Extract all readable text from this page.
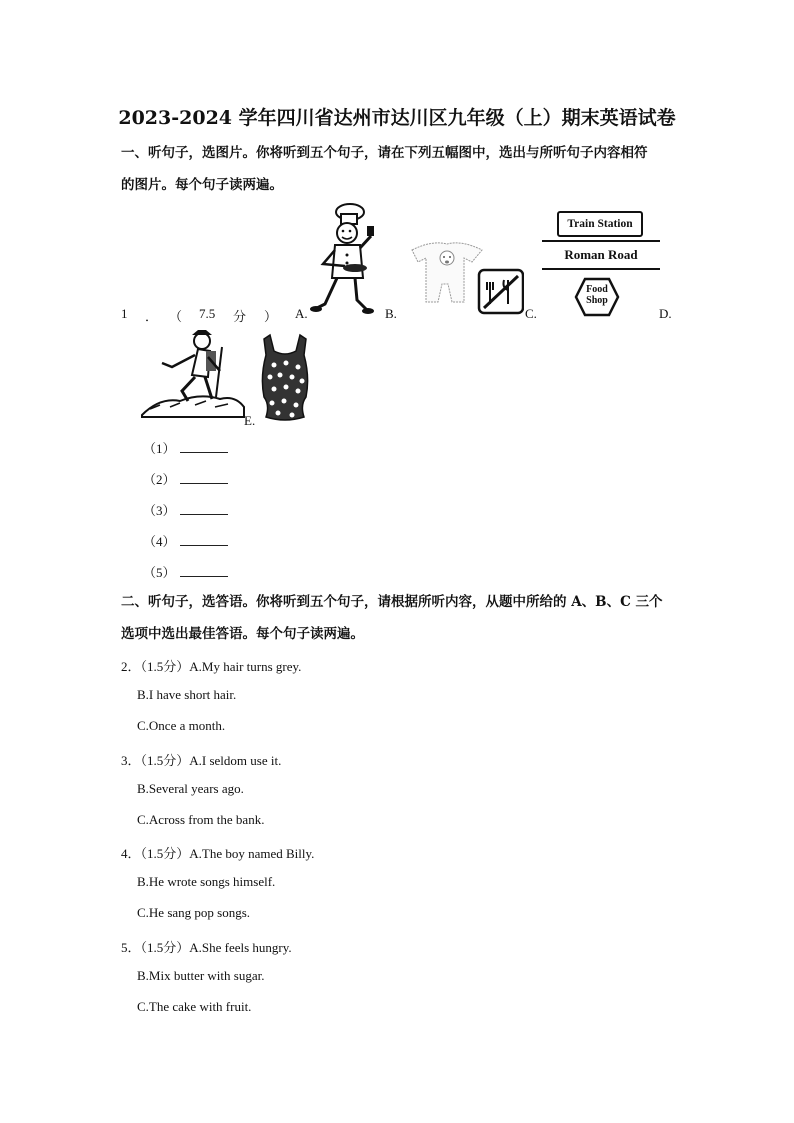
2023-2024 学年四川省达州市达川区九年级（上）期末英语试卷
一、听句子，选图片。你将听到五个句子，请在下列五幅图中，选出与所听句子内容相符
的图片。每个句子读两遍。
Train Station
Roman Road
Food
Shop
1 ． （ 7.5 分 ） A.	B.	C.	D.
E.
（1）
（2）
（3）
（4）
（5）
二、听句子，选答语。你将听到五个句子，请根据所听内容，从题中所给的 A、B、C 三个
选项中选出最佳答语。每个句子读两遍。
2．（1.5分）A.My hair turns grey.
B.I have short hair.
C.Once a month.
3．（1.5分）A.I seldom use it.
B.Several years ago.
C.Across from the bank.
4．（1.5分）A.The boy named Billy.
B.He wrote songs himself.
C.He sang pop songs.
5．（1.5分）A.She feels hungry.
B.Mix butter with sugar.
C.The cake with fruit.
